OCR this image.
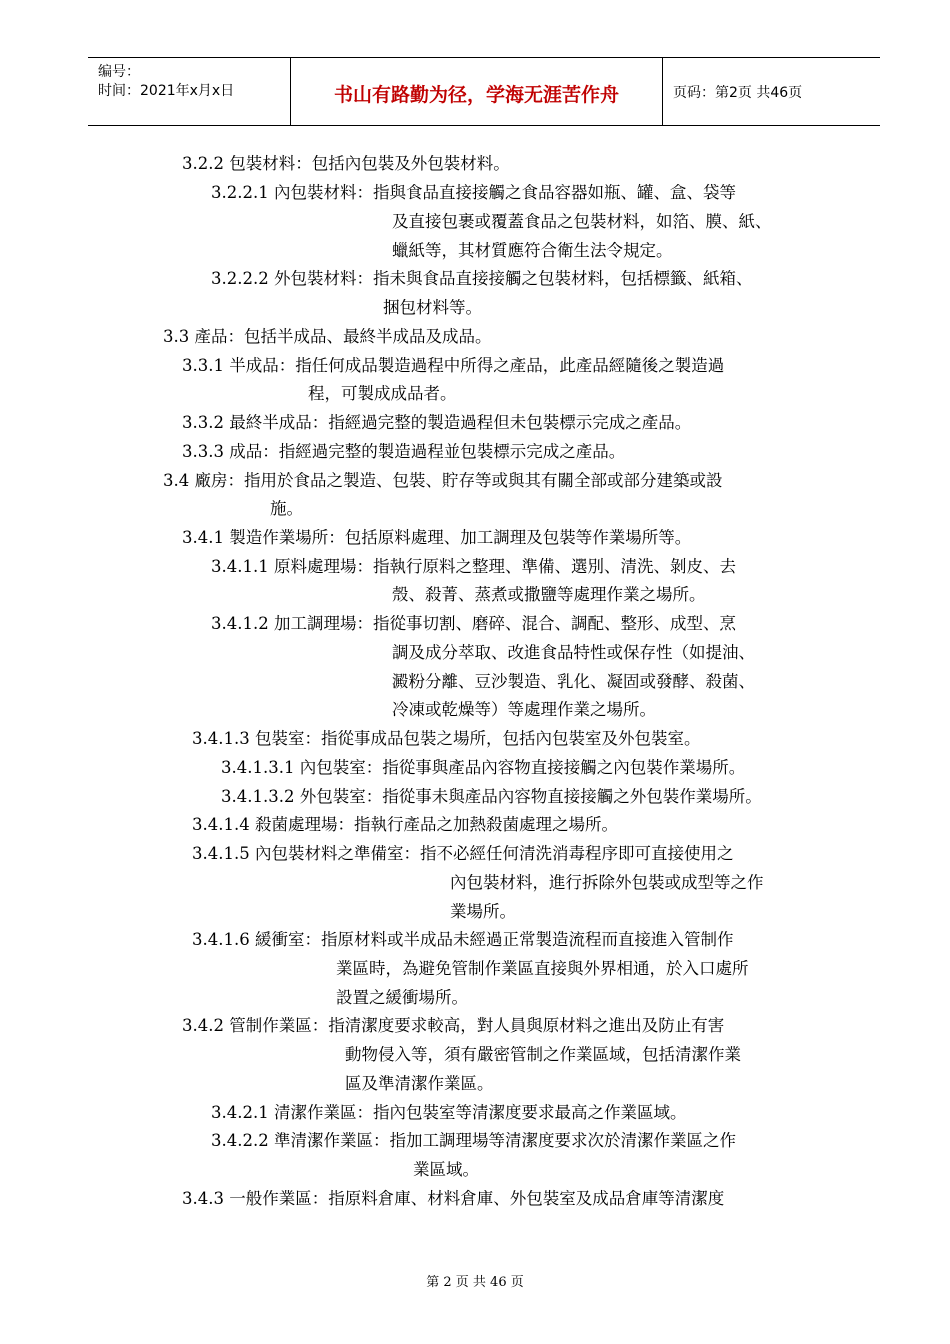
编号：
时间：2021年x月x日	书山有路勤为径，学海无涯苦作舟	页码：第2页 共46页
3.2.2 包裝材料：包括內包裝及外包裝材料。
3.2.2.1 內包裝材料：指與食品直接接觸之食品容器如瓶、罐、盒、袋等
及直接包裹或覆蓋食品之包裝材料，如箔、膜、紙、
蠟紙等，其材質應符合衛生法令規定。
3.2.2.2 外包裝材料：指未與食品直接接觸之包裝材料，包括標籤、紙箱、
捆包材料等。
3.3 產品：包括半成品、最終半成品及成品。
3.3.1 半成品：指任何成品製造過程中所得之產品，此產品經隨後之製造過
程，可製成成品者。
3.3.2 最終半成品：指經過完整的製造過程但未包裝標示完成之產品。
3.3.3 成品：指經過完整的製造過程並包裝標示完成之產品。
3.4 廠房：指用於食品之製造、包裝、貯存等或與其有關全部或部分建築或設
施。
3.4.1 製造作業場所：包括原料處理、加工調理及包裝等作業場所等。
3.4.1.1 原料處理場：指執行原料之整理、準備、選別、清洗、剝皮、去
殼、殺菁、蒸煮或撒鹽等處理作業之場所。
3.4.1.2 加工調理場：指從事切割、磨碎、混合、調配、整形、成型、烹
調及成分萃取、改進食品特性或保存性（如提油、
澱粉分離、豆沙製造、乳化、凝固或發酵、殺菌、
冷凍或乾燥等）等處理作業之場所。
3.4.1.3 包裝室：指從事成品包裝之場所，包括內包裝室及外包裝室。
3.4.1.3.1 內包裝室：指從事與產品內容物直接接觸之內包裝作業場所。
3.4.1.3.2 外包裝室：指從事未與產品內容物直接接觸之外包裝作業場所。
3.4.1.4 殺菌處理場：指執行產品之加熱殺菌處理之場所。
3.4.1.5 內包裝材料之準備室：指不必經任何清洗消毒程序即可直接使用之
內包裝材料，進行拆除外包裝或成型等之作
業場所。
3.4.1.6 緩衝室：指原材料或半成品未經過正常製造流程而直接進入管制作
業區時，為避免管制作業區直接與外界相通，於入口處所
設置之緩衝場所。
3.4.2 管制作業區：指清潔度要求較高，對人員與原材料之進出及防止有害
動物侵入等，須有嚴密管制之作業區域，包括清潔作業
區及準清潔作業區。
3.4.2.1 清潔作業區：指內包裝室等清潔度要求最高之作業區域。
3.4.2.2 準清潔作業區：指加工調理場等清潔度要求次於清潔作業區之作
業區域。
3.4.3 一般作業區：指原料倉庫、材料倉庫、外包裝室及成品倉庫等清潔度
第 2 页 共 46 页
